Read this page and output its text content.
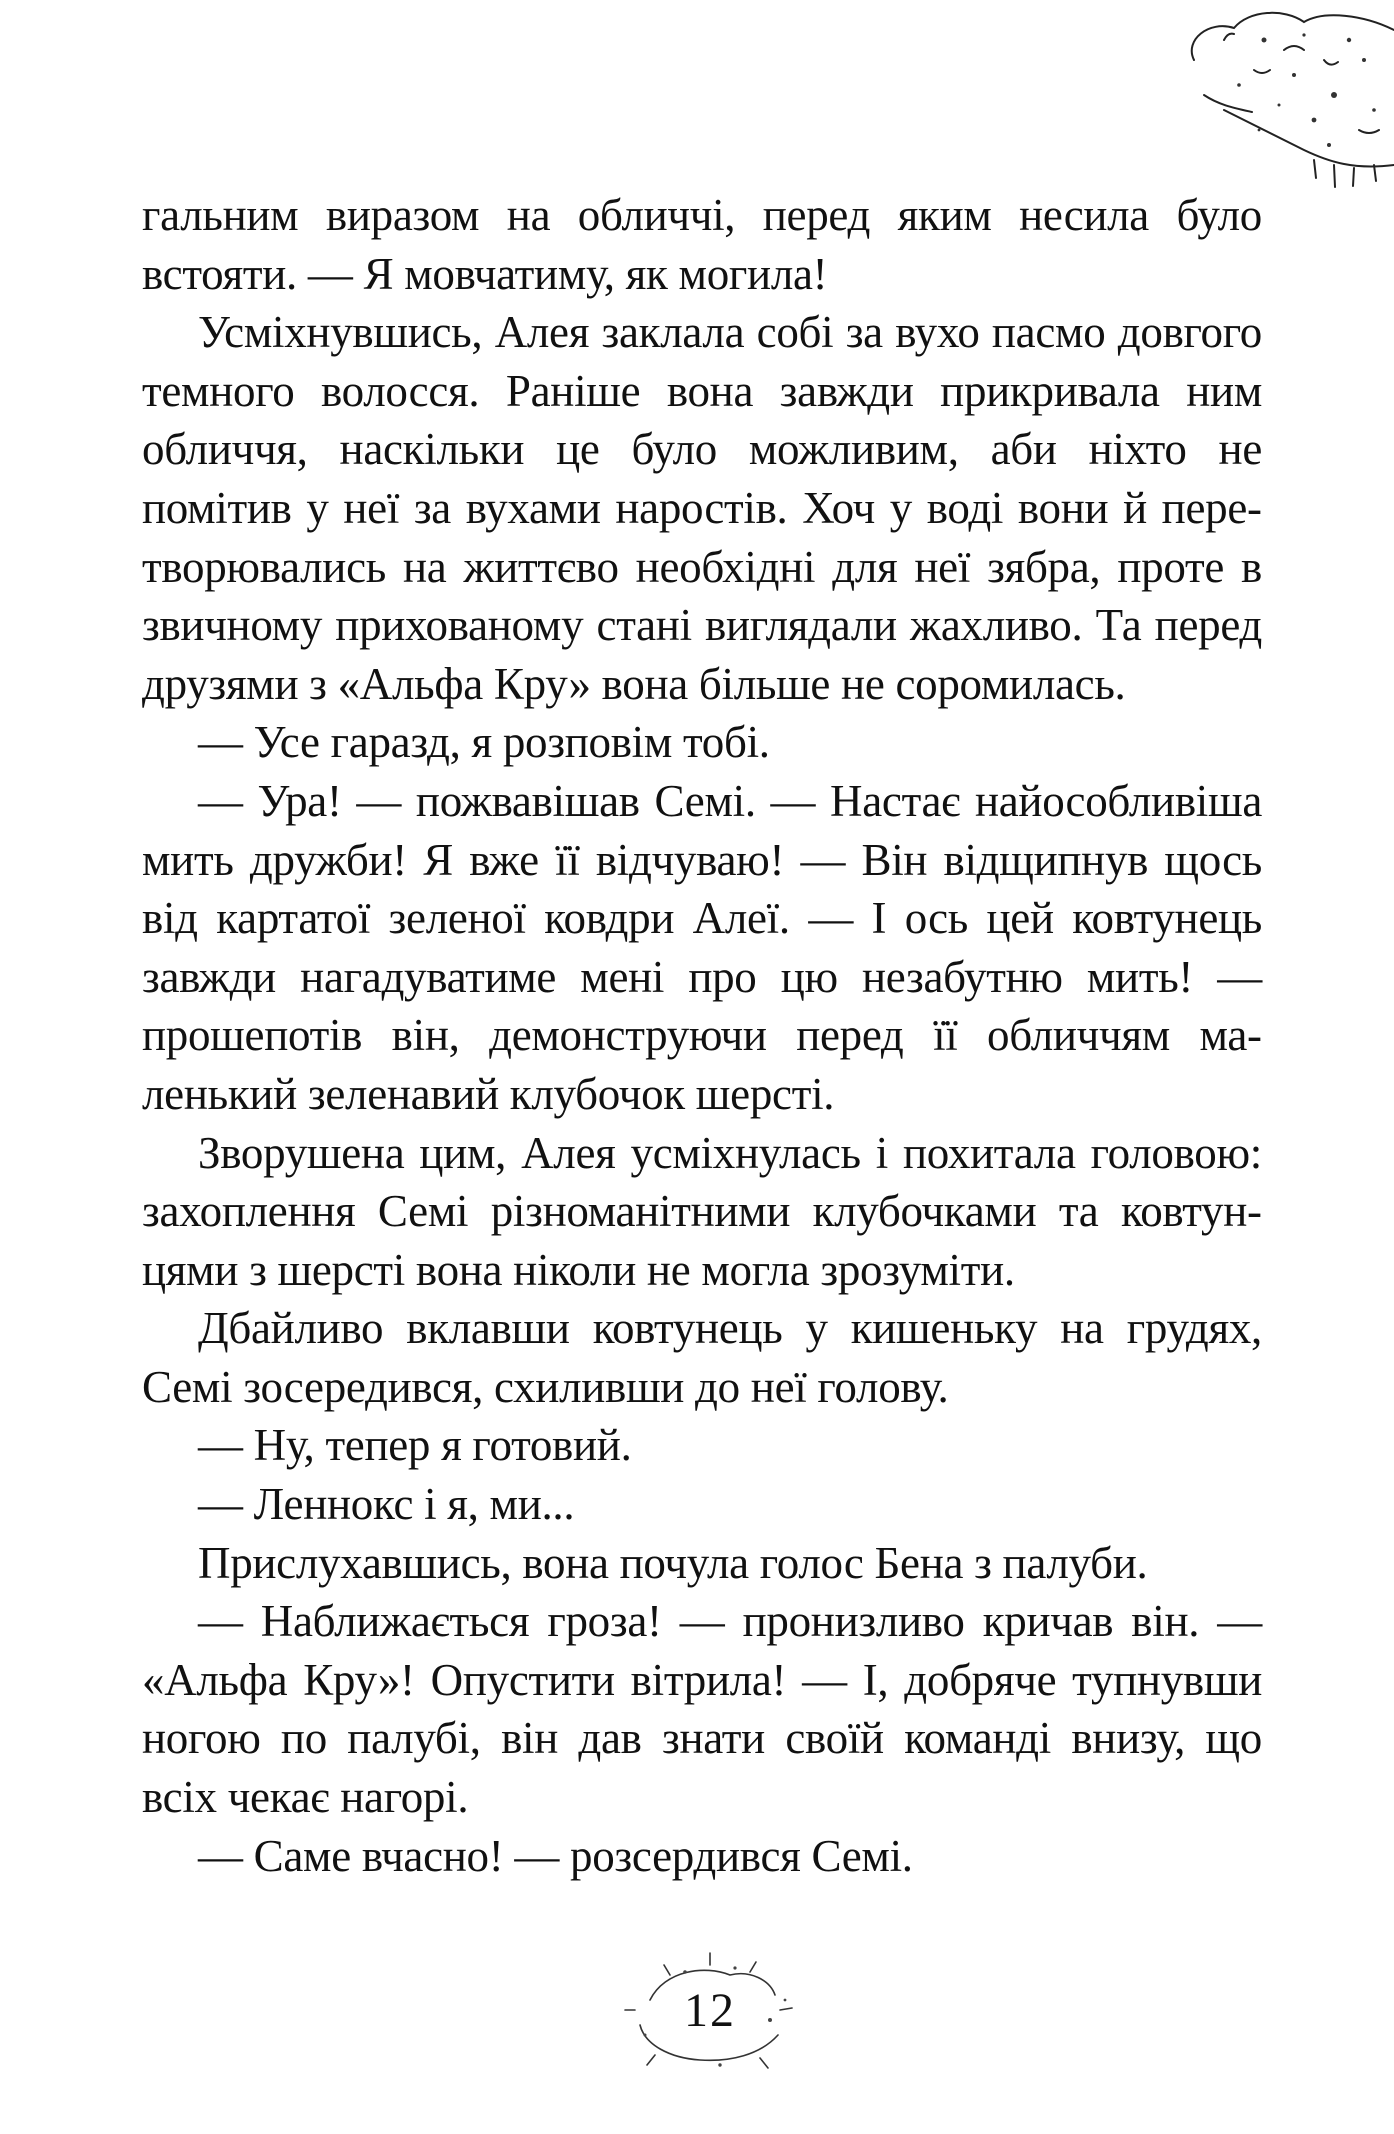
гальним виразом на обличчі, перед яким несила було встояти. — Я мовчатиму, як могила!

Усміхнувшись, Алея заклала собі за вухо пасмо довгого темного волосся. Раніше вона завжди прикривала ним обличчя, наскільки це було можливим, аби ніхто не помітив у неї за вухами наростів. Хоч у воді вони й перетворювались на життєво необхідні для неї зябра, проте в звичному прихованому стані виглядали жахливо. Та перед друзями з «Альфа Кру» вона більше не соромилась.

— Усе гаразд, я розповім тобі.

— Ура! — пожвавішав Семі. — Настає найособливіша мить дружби! Я вже її відчуваю! — Він відщипнув щось від картатої зеленої ковдри Алеї. — І ось цей ковтунець завжди нагадуватиме мені про цю незабутню мить! — прошепотів він, демонструючи перед її обличчям маленький зеленавий клубочок шерсті.

Зворушена цим, Алея усміхнулась і похитала головою: захоплення Семі різноманітними клубочками та ковтунцями з шерсті вона ніколи не могла зрозуміти.

Дбайливо вклавши ковтунець у кишеньку на грудях, Семі зосередився, схиливши до неї голову.

— Ну, тепер я готовий.

— Леннокс і я, ми...

Прислухавшись, вона почула голос Бена з палуби.

— Наближається гроза! — пронизливо кричав він. — «Альфа Кру»! Опустити вітрила! — І, добряче тупнувши ногою по палубі, він дав знати своїй команді внизу, що всіх чекає нагорі.

— Саме вчасно! — розсердився Семі.

12
